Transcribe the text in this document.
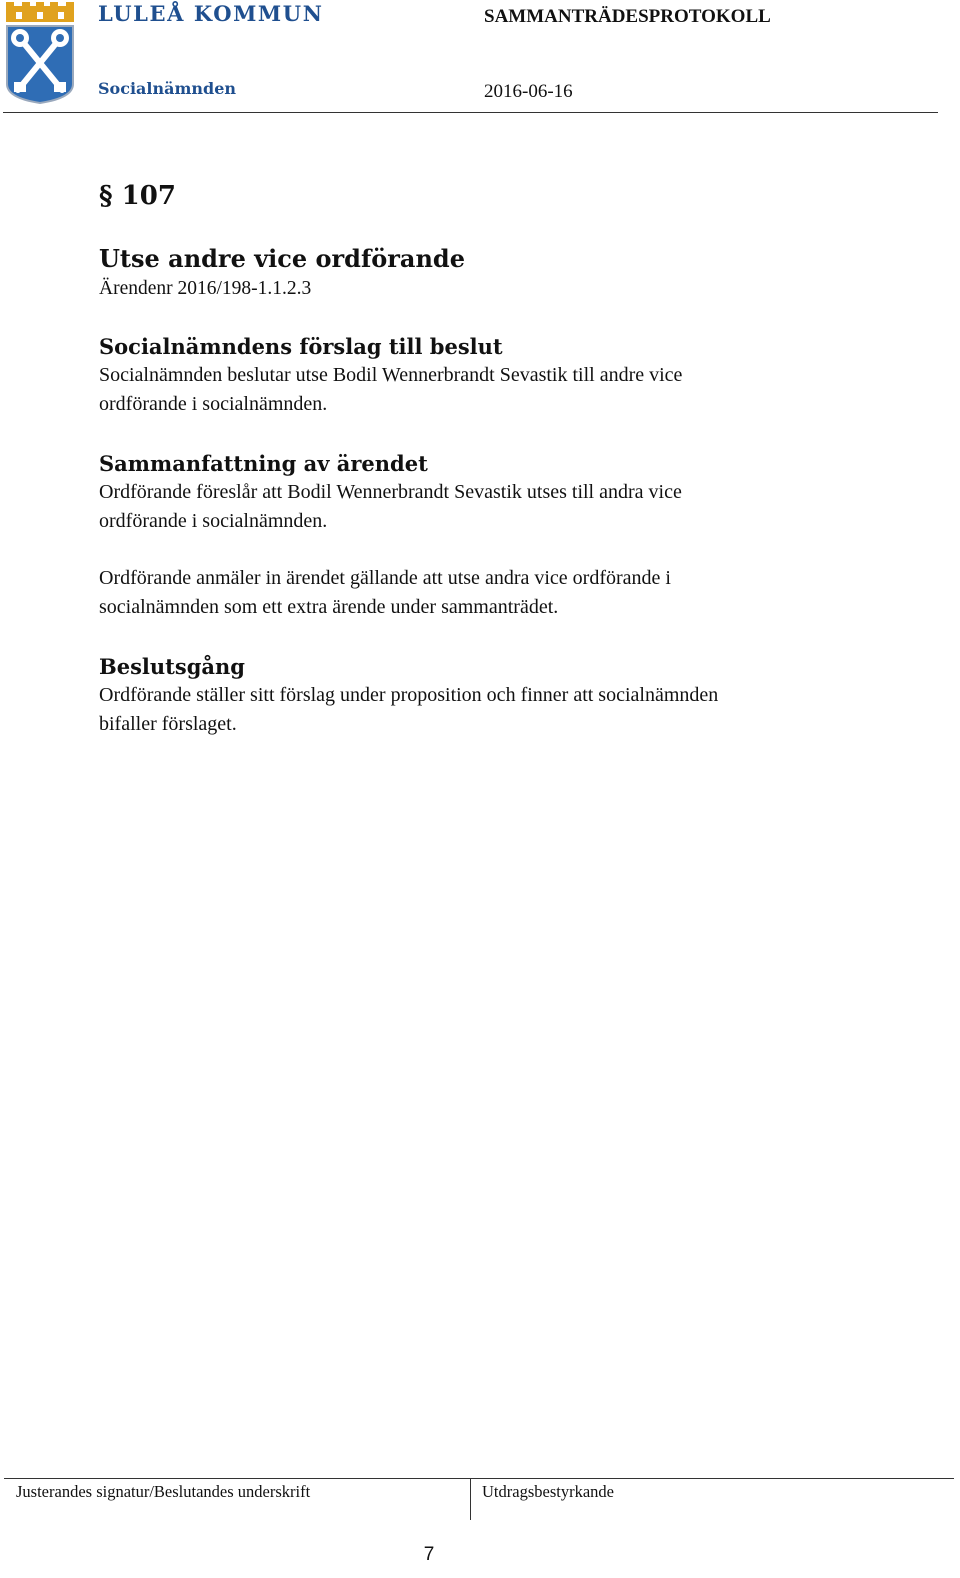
LULEÅ KOMMUN	SAMMANTRÄDESPROTOKOLL
Socialnämnden	2016-06-16
§ 107
Utse andre vice ordförande
Ärendenr 2016/198-1.1.2.3
Socialnämndens förslag till beslut
Socialnämnden beslutar utse Bodil Wennerbrandt Sevastik till andre vice
ordförande i socialnämnden.
Sammanfattning av ärendet
Ordförande föreslår att Bodil Wennerbrandt Sevastik utses till andra vice
ordförande i socialnämnden.
Ordförande anmäler in ärendet gällande att utse andra vice ordförande i
socialnämnden som ett extra ärende under sammanträdet.
Beslutsgång
Ordförande ställer sitt förslag under proposition och finner att socialnämnden
bifaller förslaget.
Justerandes signatur/Beslutandes underskrift	Utdragsbestyrkande
7
